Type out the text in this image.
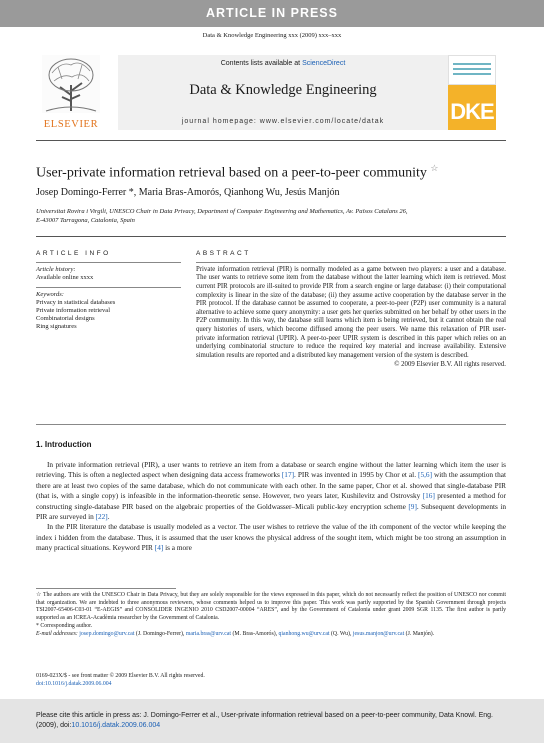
ARTICLE IN PRESS
Data & Knowledge Engineering xxx (2009) xxx–xxx
ELSEVIER
Contents lists available at ScienceDirect
Data & Knowledge Engineering
journal homepage: www.elsevier.com/locate/datak	DKE
User-private information retrieval based on a peer-to-peer community ☆
Josep Domingo-Ferrer *, Maria Bras-Amorós, Qianhong Wu, Jesús Manjón
Universitat Rovira i Virgili, UNESCO Chair in Data Privacy, Department of Computer Engineering and Mathematics, Av. Països Catalans 26,
E-43007 Tarragona, Catalonia, Spain
ARTICLE INFO
Article history:
Available online xxxx
Keywords:
Privacy in statistical databases
Private information retrieval
Combinatorial designs
Ring signatures
ABSTRACT
Private information retrieval (PIR) is normally modeled as a game between two players: a user and a database. The user wants to retrieve some item from the database without the latter learning which item is retrieved. Most current PIR protocols are ill-suited to provide PIR from a search engine or large database: (i) their computational complexity is linear in the size of the database; (ii) they assume active cooperation by the database server in the PIR protocol. If the database cannot be assumed to cooperate, a peer-to-peer (P2P) user community is a natural alternative to achieve some query anonymity: a user gets her queries submitted on her behalf by other users in the P2P community. In this way, the database still learns which item is being retrieved, but it cannot obtain the real query histories of users, which become diffused among the peer users. We name this relaxation of PIR user-private information retrieval (UPIR). A peer-to-peer UPIR system is described in this paper which relies on an underlying combinatorial structure to reduce the required key material and increase availability. Extensive simulation results are reported and a distributed key management version of the system is described.
© 2009 Elsevier B.V. All rights reserved.
1. Introduction

In private information retrieval (PIR), a user wants to retrieve an item from a database or search engine without the latter learning which item the user is retrieving. This is often a neglected aspect when designing data access frameworks [17]. PIR was invented in 1995 by Chor et al. [5,6] with the assumption that there are at least two copies of the same database, which do not communicate with each other. In the same paper, Chor et al. showed that single-database PIR (that is, with a single copy) is infeasible in the information-theoretic sense. However, two years later, Kushilevitz and Ostrovsky [16] presented a method for constructing single-database PIR based on the algebraic properties of the Goldwasser–Micali public-key encryption scheme [9]. Subsequent developments in PIR are surveyed in [22].

In the PIR literature the database is usually modeled as a vector. The user wishes to retrieve the value of the ith component of the vector while keeping the index i hidden from the database. Thus, it is assumed that the user knows the physical address of the sought item, which might be too strong an assumption in many practical situations. Keyword PIR [4] is a more

☆ The authors are with the UNESCO Chair in Data Privacy, but they are solely responsible for the views expressed in this paper, which do not necessarily reflect the position of UNESCO nor commit that organization. We are indebted to three anonymous reviewers, whose comments helped us to improve this paper. This work was partly supported by the Spanish Government through projects TSI2007-65406-C03-01 “E-AEGIS” and CONSOLIDER INGENIO 2010 CSD2007-00004 “ARES”, and by the Government of Catalonia under grant 2009 SGR 1135. The first author is partly supported as an ICREA-Acadèmia researcher by the Government of Catalonia.
* Corresponding author.
E-mail addresses: josep.domingo@urv.cat (J. Domingo-Ferrer), maria.bras@urv.cat (M. Bras-Amorós), qianhong.wu@urv.cat (Q. Wu), jesus.manjon@urv.cat (J. Manjón).
0169-023X/$ - see front matter © 2009 Elsevier B.V. All rights reserved.
doi:10.1016/j.datak.2009.06.004
Please cite this article in press as: J. Domingo-Ferrer et al., User-private information retrieval based on a peer-to-peer community, Data Knowl. Eng. (2009), doi:10.1016/j.datak.2009.06.004
